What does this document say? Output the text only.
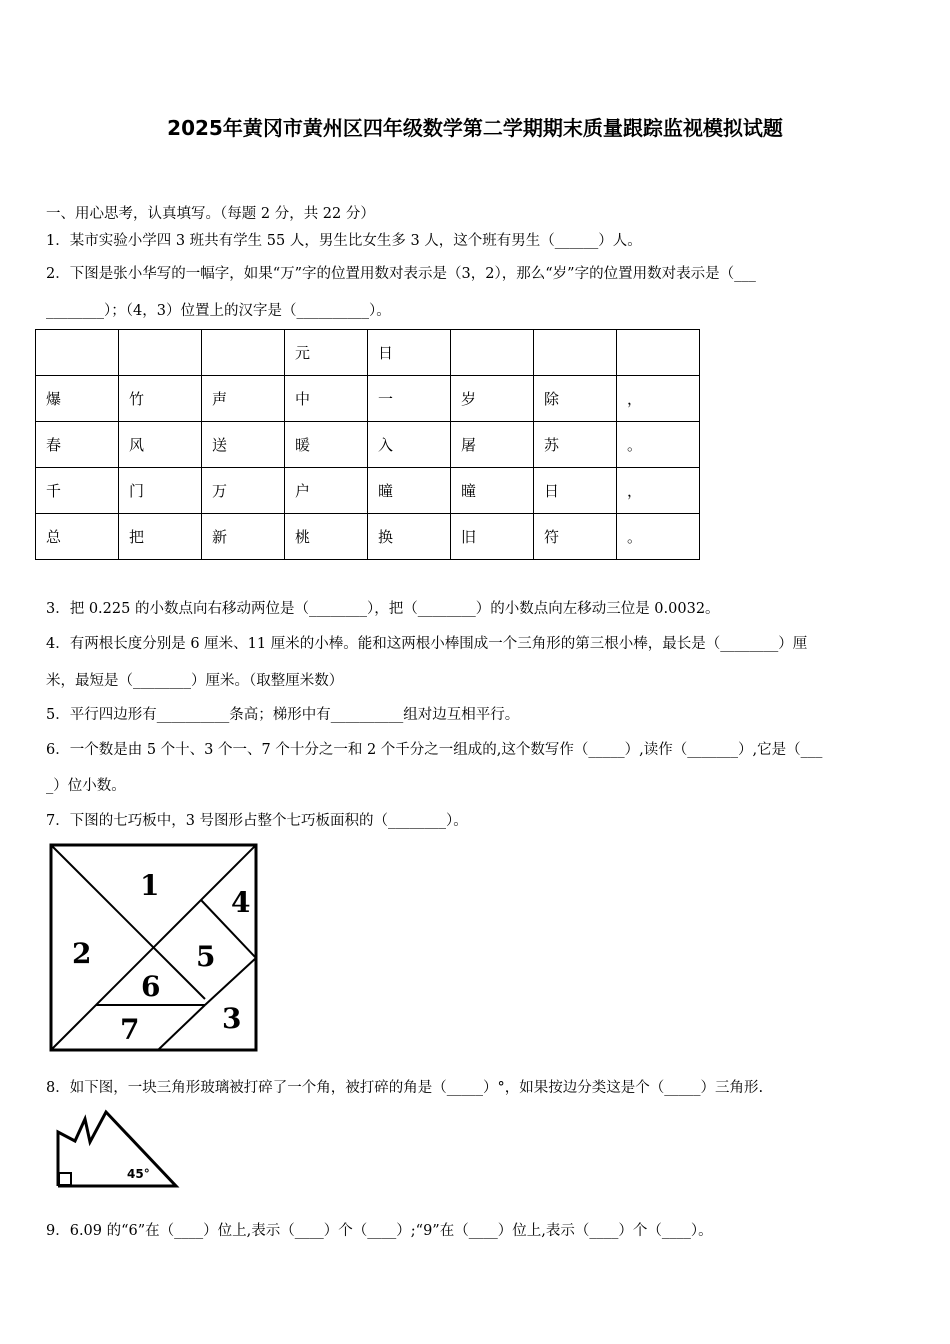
2025年黄冈市黄州区四年级数学第二学期期末质量跟踪监视模拟试题
一、用心思考，认真填写。（每题 2 分，共 22 分）
1．某市实验小学四 3 班共有学生 55 人，男生比女生多 3 人，这个班有男生（______）人。
2．下图是张小华写的一幅字，如果“万”字的位置用数对表示是（3，2），那么“岁”字的位置用数对表示是（___
________）；（4，3）位置上的汉字是（__________）。
			元	日			
爆	竹	声	中	一	岁	除	，
春	风	送	暖	入	屠	苏	。
千	门	万	户	曈	曈	日	，
总	把	新	桃	换	旧	符	。
3．把 0.225 的小数点向右移动两位是（________），把（________）的小数点向左移动三位是 0.0032。
4．有两根长度分别是 6 厘米、11 厘米的小棒。能和这两根小棒围成一个三角形的第三根小棒，最长是（________）厘
米，最短是（________）厘米。（取整厘米数）
5．平行四边形有__________条高；梯形中有__________组对边互相平行。
6．一个数是由 5 个十、3 个一、7 个十分之一和 2 个千分之一组成的,这个数写作（_____）,读作（_______）,它是（___
_）位小数。
7．下图的七巧板中，3 号图形占整个七巧板面积的（________）。
1
2
3
4
5
6
7
8．如下图，一块三角形玻璃被打碎了一个角，被打碎的角是（_____）°，如果按边分类这是个（_____）三角形.
45°
9．6.09 的“6”在（____）位上,表示（____）个（____）;“9”在（____）位上,表示（____）个（____）。
